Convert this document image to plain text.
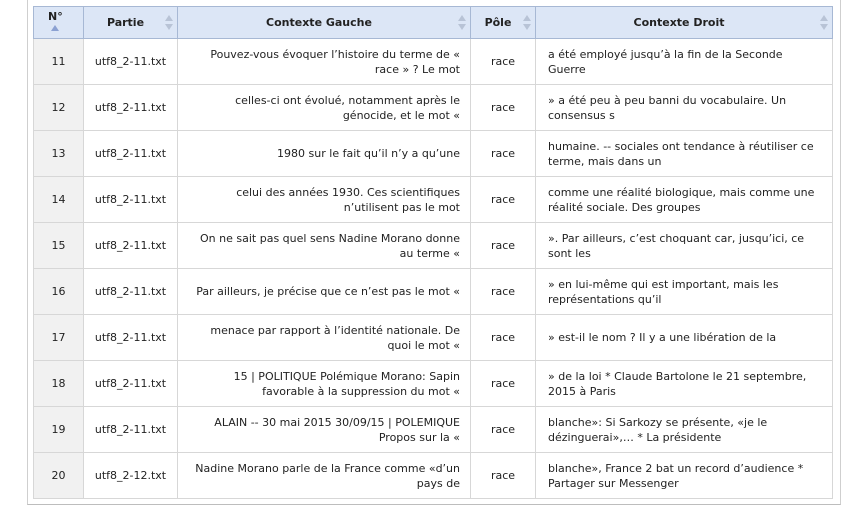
N°	Partie	Contexte Gauche	Pôle	Contexte Droit

11	utf8_2-11.txt	Pouvez-vous évoquer l’histoire du terme de « race » ? Le mot	race	a été employé jusqu’à la fin de la Seconde Guerre
12	utf8_2-11.txt	celles-ci ont évolué, notamment après le génocide, et le mot «	race	» a été peu à peu banni du vocabulaire. Un consensus s
13	utf8_2-11.txt	1980 sur le fait qu’il n’y a qu’une	race	humaine. -- sociales ont tendance à réutiliser ce terme, mais dans un
14	utf8_2-11.txt	celui des années 1930. Ces scientifiques n’utilisent pas le mot	race	comme une réalité biologique, mais comme une réalité sociale. Des groupes
15	utf8_2-11.txt	On ne sait pas quel sens Nadine Morano donne au terme «	race	». Par ailleurs, c’est choquant car, jusqu’ici, ce sont les
16	utf8_2-11.txt	Par ailleurs, je précise que ce n’est pas le mot «	race	» en lui-même qui est important, mais les représentations qu’il
17	utf8_2-11.txt	menace par rapport à l’identité nationale. De quoi le mot «	race	» est-il le nom ? Il y a une libération de la
18	utf8_2-11.txt	15 | POLITIQUE Polémique Morano: Sapin favorable à la suppression du mot «	race	» de la loi * Claude Bartolone le 21 septembre, 2015 à Paris
19	utf8_2-11.txt	ALAIN -- 30 mai 2015 30/09/15 | POLEMIQUE Propos sur la «	race	blanche»: Si Sarkozy se présente, «je le dézinguerai»,… * La présidente
20	utf8_2-12.txt	Nadine Morano parle de la France comme «d’un pays de	race	blanche», France 2 bat un record d’audience * Partager sur Messenger
